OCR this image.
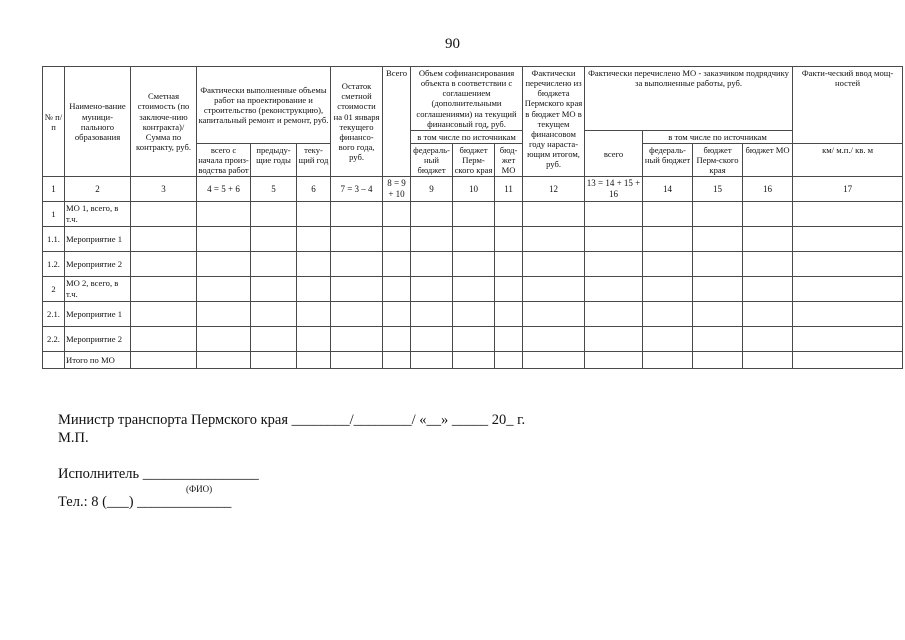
90
№ п/п	Наимено-вание муници-пального образования	Сметная стоимость (по заключе-нию контракта)/ Сумма по контракту, руб.	Фактически выполненные объемы работ на проектирование и строительство (реконструкцию), капитальный ремонт и ремонт, руб.			Остаток сметной стоимости на 01 января текущего финансо-вого года, руб.	Всего	Объем софинансирования объекта в соответствии с соглашением (дополнительными соглашениями) на текущий финансовый год, руб.			Фактически перечислено из бюджета Пермского края в бюджет МО в текущем финансовом году нараста-ющим итогом, руб.	Фактически перечислено МО - заказчиком подрядчику за выполненные работы, руб.				Факти-ческий ввод мощ-ностей
								в том числе по источникам				всего	в том числе по источникам			
			всего с начала произ-водства работ	предыду-щие годы	теку-щий год			федераль-ный бюджет	бюджет Перм-ского края	бюд-жет МО			федераль-ный бюджет	бюджет Перм-ского края	бюджет МО	км/ м.п./ кв. м
1	2	3	4 = 5 + 6	5	6	7 = 3 – 4	8 = 9 + 10	9	10	11	12	13 = 14 + 15 + 16	14	15	16	17
1	МО 1, всего, в т.ч.															
1.1.	Мероприятие 1															
1.2.	Мероприятие 2															
2	МО 2, всего, в т.ч.															
2.1.	Мероприятие 1															
2.2.	Мероприятие 2															
	Итого по МО															
Министр транспорта Пермского края ________/________/ «__» _____ 20_ г.
М.П.
Исполнитель ________________
(ФИО)
Тел.: 8 (___) _____________
